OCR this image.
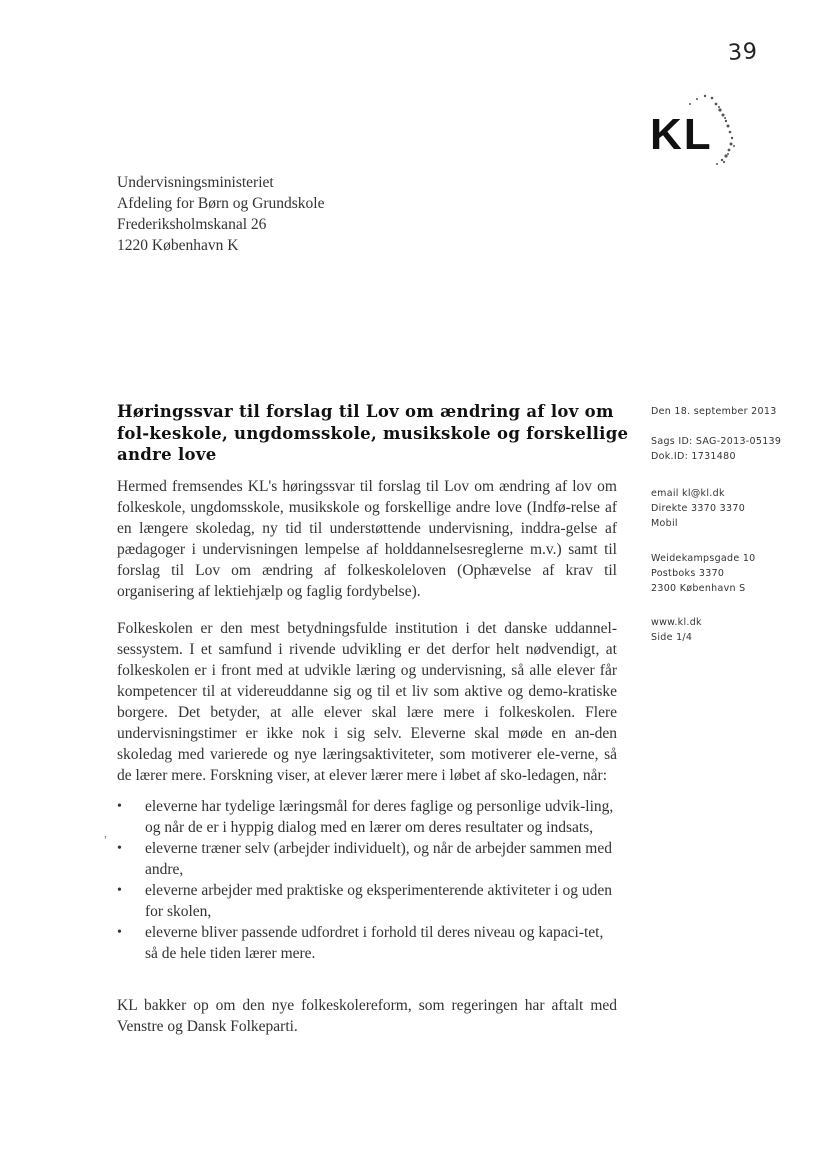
39
KL
Undervisningsministeriet
Afdeling for Børn og Grundskole
Frederiksholmskanal 26
1220 København K
Høringssvar til forslag til Lov om ændring af lov om fol-keskole, ungdomsskole, musikskole og forskellige andre love

Hermed fremsendes KL's høringssvar til forslag til Lov om ændring af lov om folkeskole, ungdomsskole, musikskole og forskellige andre love (Indfø-relse af en længere skoledag, ny tid til understøttende undervisning, inddra-gelse af pædagoger i undervisningen lempelse af holddannelsesreglerne m.v.) samt til forslag til Lov om ændring af folkeskoleloven (Ophævelse af krav til organisering af lektiehjælp og faglig fordybelse).

Folkeskolen er den mest betydningsfulde institution i det danske uddannel-sessystem. I et samfund i rivende udvikling er det derfor helt nødvendigt, at folkeskolen er i front med at udvikle læring og undervisning, så alle elever får kompetencer til at videreuddanne sig og til et liv som aktive og demo-kratiske borgere. Det betyder, at alle elever skal lære mere i folkeskolen. Flere undervisningstimer er ikke nok i sig selv. Eleverne skal møde en an-den skoledag med varierede og nye læringsaktiviteter, som motiverer ele-verne, så de lærer mere. Forskning viser, at elever lærer mere i løbet af sko-ledagen, når:

• eleverne har tydelige læringsmål for deres faglige og personlige udvik-ling, og når de er i hyppig dialog med en lærer om deres resultater og indsats,
• eleverne træner selv (arbejder individuelt), og når de arbejder sammen med andre,
• eleverne arbejder med praktiske og eksperimenterende aktiviteter i og uden for skolen,
• eleverne bliver passende udfordret i forhold til deres niveau og kapaci-tet, så de hele tiden lærer mere.
,

KL bakker op om den nye folkeskolereform, som regeringen har aftalt med Venstre og Dansk Folkeparti.

Den 18. september 2013
Sags ID: SAG-2013-05139
Dok.ID: 1731480
email kl@kl.dk
Direkte 3370 3370
Mobil
Weidekampsgade 10
Postboks 3370
2300 København S
www.kl.dk
Side 1/4
